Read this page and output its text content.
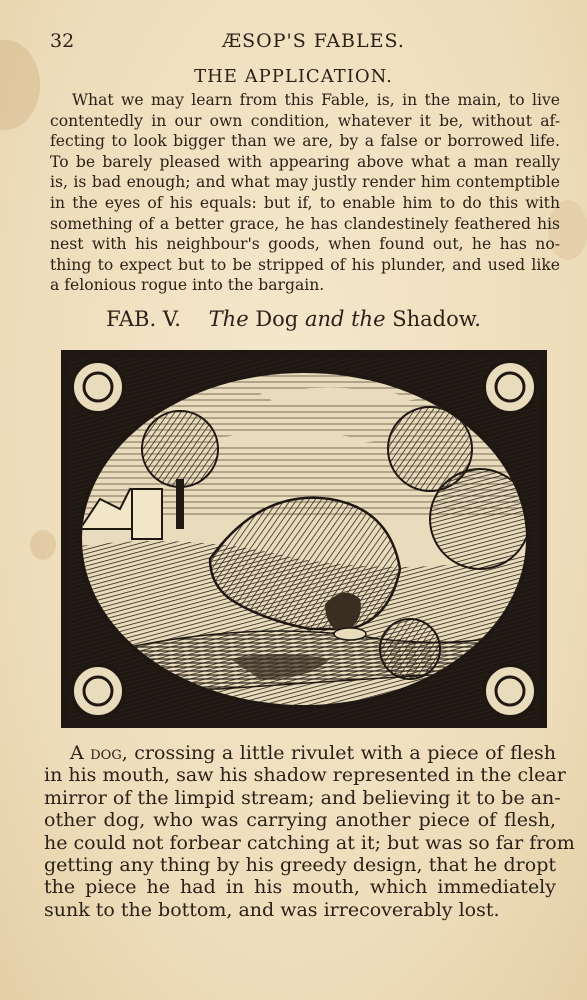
32	ÆSOP'S FABLES.
THE APPLICATION.
What we may learn from this Fable, is, in the main, to live
contentedly in our own condition, whatever it be, without af-
fecting to look bigger than we are, by a false or borrowed life.
To be barely pleased with appearing above what a man really
is, is bad enough; and what may justly render him contemptible
in the eyes of his equals: but if, to enable him to do this with
something of a better grace, he has clandestinely feathered his
nest with his neighbour's goods, when found out, he has no-
thing to expect but to be stripped of his plunder, and used like
a felonious rogue into the bargain.
FAB. V.   The Dog and the Shadow.
A dog, crossing a little rivulet with a piece of flesh
in his mouth, saw his shadow represented in the clear
mirror of the limpid stream; and believing it to be an-
other dog, who was carrying another piece of flesh,
he could not forbear catching at it; but was so far from
getting any thing by his greedy design, that he dropt
the piece he had in his mouth, which immediately
sunk to the bottom, and was irrecoverably lost.
